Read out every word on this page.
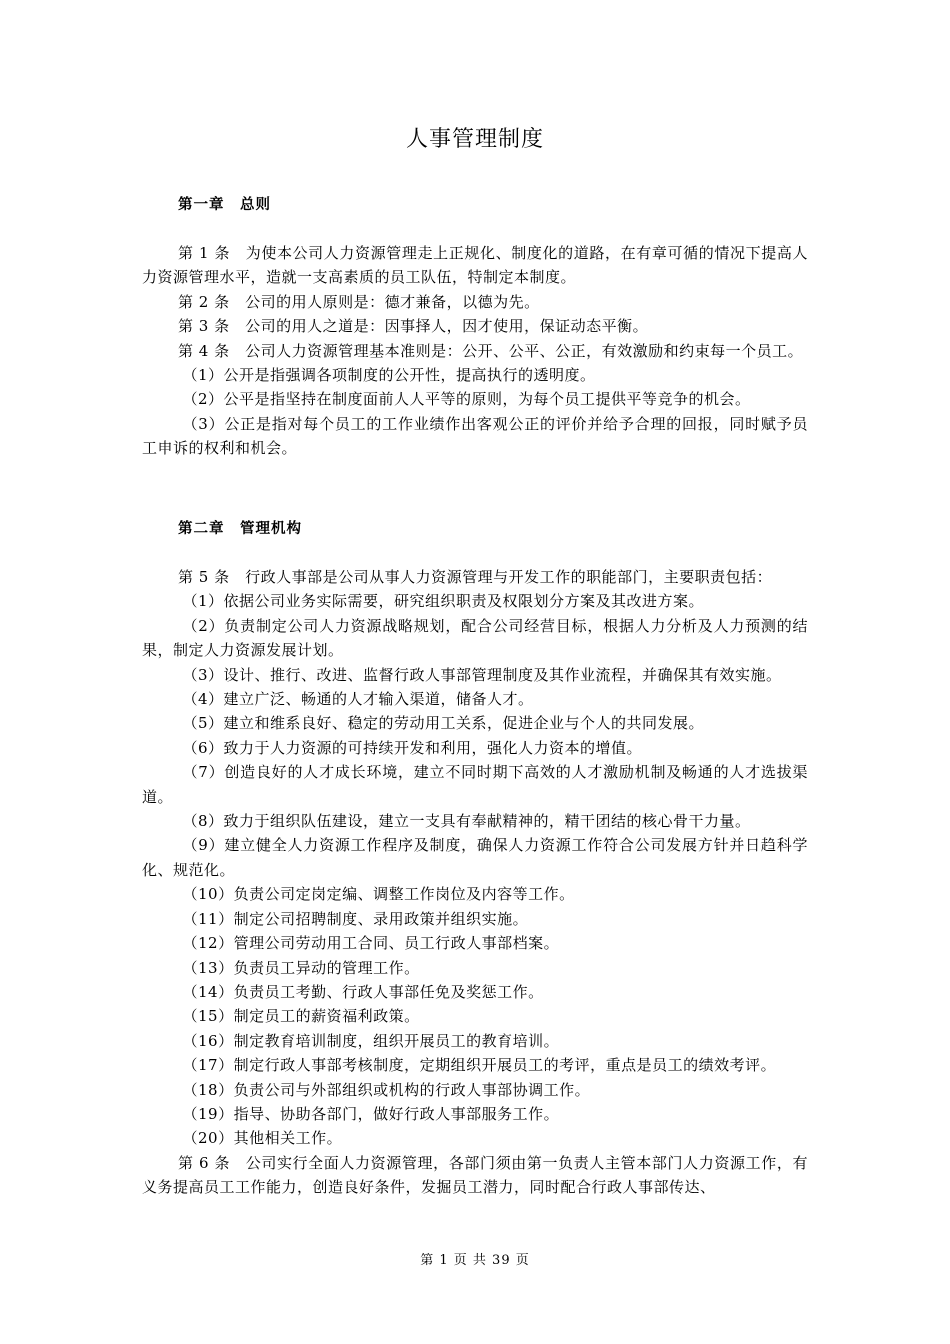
人事管理制度
第一章　总则

第 1 条　为使本公司人力资源管理走上正规化、制度化的道路，在有章可循的情况下提高人力资源管理水平，造就一支高素质的员工队伍，特制定本制度。

第 2 条　公司的用人原则是：德才兼备，以德为先。

第 3 条　公司的用人之道是：因事择人，因才使用，保证动态平衡。

第 4 条　公司人力资源管理基本准则是：公开、公平、公正，有效激励和约束每一个员工。

（1）公开是指强调各项制度的公开性，提高执行的透明度。

（2）公平是指坚持在制度面前人人平等的原则，为每个员工提供平等竞争的机会。

（3）公正是指对每个员工的工作业绩作出客观公正的评价并给予合理的回报，同时赋予员工申诉的权利和机会。

第二章　管理机构

第 5 条　行政人事部是公司从事人力资源管理与开发工作的职能部门，主要职责包括：

（1）依据公司业务实际需要，研究组织职责及权限划分方案及其改进方案。

（2）负责制定公司人力资源战略规划，配合公司经营目标，根据人力分析及人力预测的结果，制定人力资源发展计划。

（3）设计、推行、改进、监督行政人事部管理制度及其作业流程，并确保其有效实施。

（4）建立广泛、畅通的人才输入渠道，储备人才。

（5）建立和维系良好、稳定的劳动用工关系，促进企业与个人的共同发展。

（6）致力于人力资源的可持续开发和利用，强化人力资本的增值。

（7）创造良好的人才成长环境，建立不同时期下高效的人才激励机制及畅通的人才选拔渠道。

（8）致力于组织队伍建设，建立一支具有奉献精神的，精干团结的核心骨干力量。

（9）建立健全人力资源工作程序及制度，确保人力资源工作符合公司发展方针并日趋科学化、规范化。

（10）负责公司定岗定编、调整工作岗位及内容等工作。

（11）制定公司招聘制度、录用政策并组织实施。

（12）管理公司劳动用工合同、员工行政人事部档案。

（13）负责员工异动的管理工作。

（14）负责员工考勤、行政人事部任免及奖惩工作。

（15）制定员工的薪资福利政策。

（16）制定教育培训制度，组织开展员工的教育培训。

（17）制定行政人事部考核制度，定期组织开展员工的考评，重点是员工的绩效考评。

（18）负责公司与外部组织或机构的行政人事部协调工作。

（19）指导、协助各部门，做好行政人事部服务工作。

（20）其他相关工作。

第 6 条　公司实行全面人力资源管理，各部门须由第一负责人主管本部门人力资源工作，有义务提高员工工作能力，创造良好条件，发掘员工潜力，同时配合行政人事部传达、

第 1 页 共 39 页
